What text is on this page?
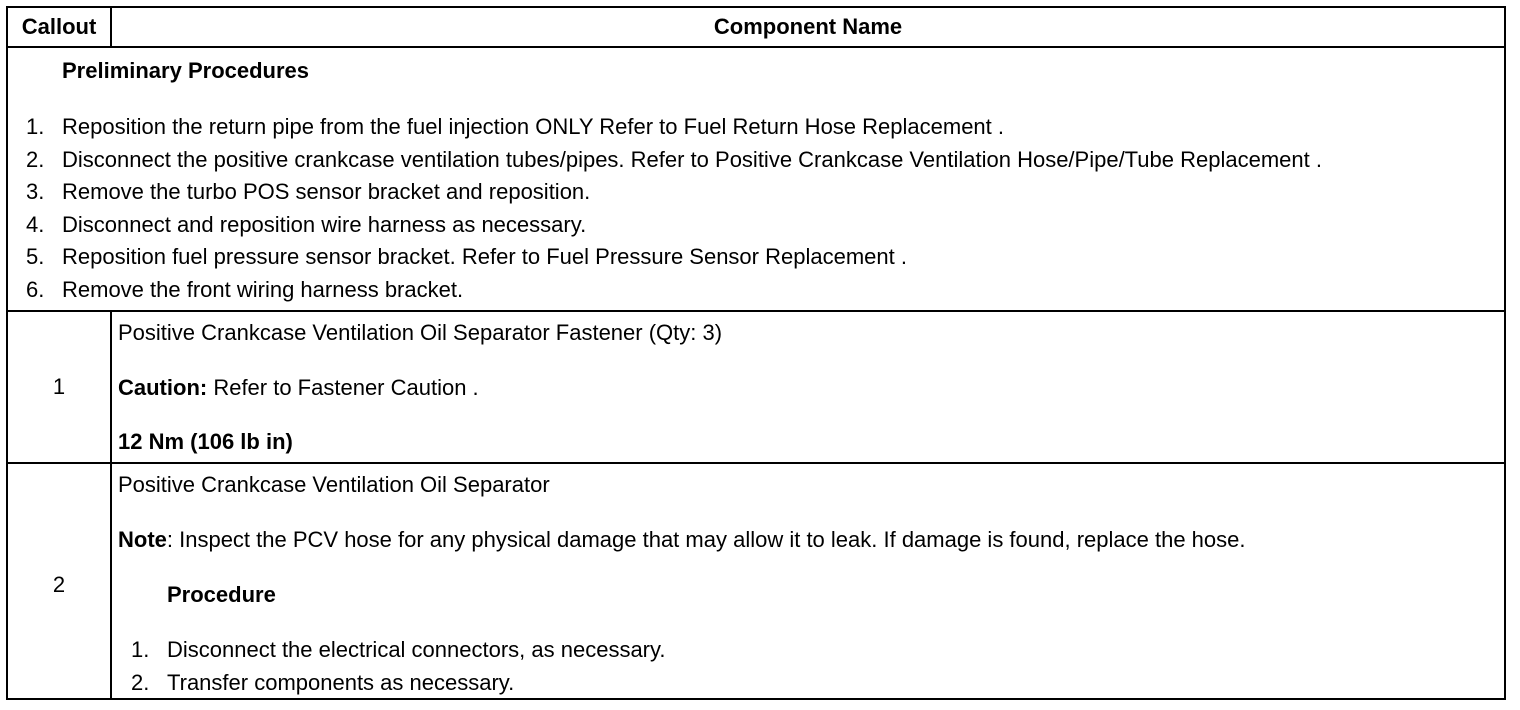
Callout	Component Name
Preliminary Procedures
1. Reposition the return pipe from the fuel injection ONLY Refer to Fuel Return Hose Replacement .
2. Disconnect the positive crankcase ventilation tubes/pipes. Refer to Positive Crankcase Ventilation Hose/Pipe/Tube Replacement .
3. Remove the turbo POS sensor bracket and reposition.
4. Disconnect and reposition wire harness as necessary.
5. Reposition fuel pressure sensor bracket. Refer to Fuel Pressure Sensor Replacement .
6. Remove the front wiring harness bracket.
1
Positive Crankcase Ventilation Oil Separator Fastener (Qty: 3)
Caution: Refer to Fastener Caution .
12 Nm (106 lb in)
2
Positive Crankcase Ventilation Oil Separator
Note: Inspect the PCV hose for any physical damage that may allow it to leak. If damage is found, replace the hose.
Procedure
1. Disconnect the electrical connectors, as necessary.
2. Transfer components as necessary.
